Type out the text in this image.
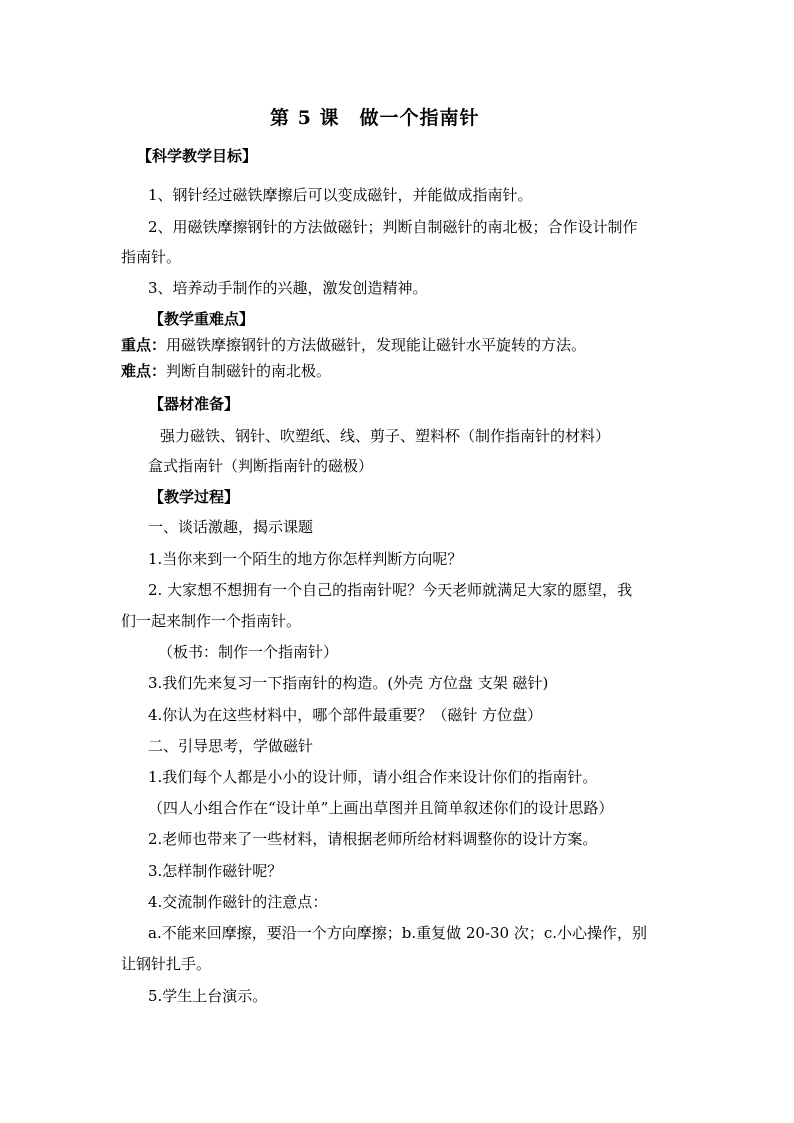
第 5 课　做一个指南针
【科学教学目标】
1、钢针经过磁铁摩擦后可以变成磁针，并能做成指南针。
2、用磁铁摩擦钢针的方法做磁针；判断自制磁针的南北极；合作设计制作
指南针。
3、培养动手制作的兴趣，激发创造精神。
【教学重难点】
重点：用磁铁摩擦钢针的方法做磁针，发现能让磁针水平旋转的方法。
难点：判断自制磁针的南北极。
【器材准备】
强力磁铁、钢针、吹塑纸、线、剪子、塑料杯（制作指南针的材料）
盒式指南针（判断指南针的磁极）
【教学过程】
一、谈话激趣，揭示课题
1.当你来到一个陌生的地方你怎样判断方向呢？
2. 大家想不想拥有一个自己的指南针呢？今天老师就满足大家的愿望，我
们一起来制作一个指南针。
（板书：制作一个指南针）
3.我们先来复习一下指南针的构造。(外壳 方位盘 支架 磁针)
4.你认为在这些材料中，哪个部件最重要？（磁针 方位盘）
二、引导思考，学做磁针
1.我们每个人都是小小的设计师，请小组合作来设计你们的指南针。
（四人小组合作在“设计单”上画出草图并且简单叙述你们的设计思路）
2.老师也带来了一些材料，请根据老师所给材料调整你的设计方案。
3.怎样制作磁针呢？
4.交流制作磁针的注意点：
a.不能来回摩擦，要沿一个方向摩擦；b.重复做 20-30 次；c.小心操作，别
让钢针扎手。
5.学生上台演示。
